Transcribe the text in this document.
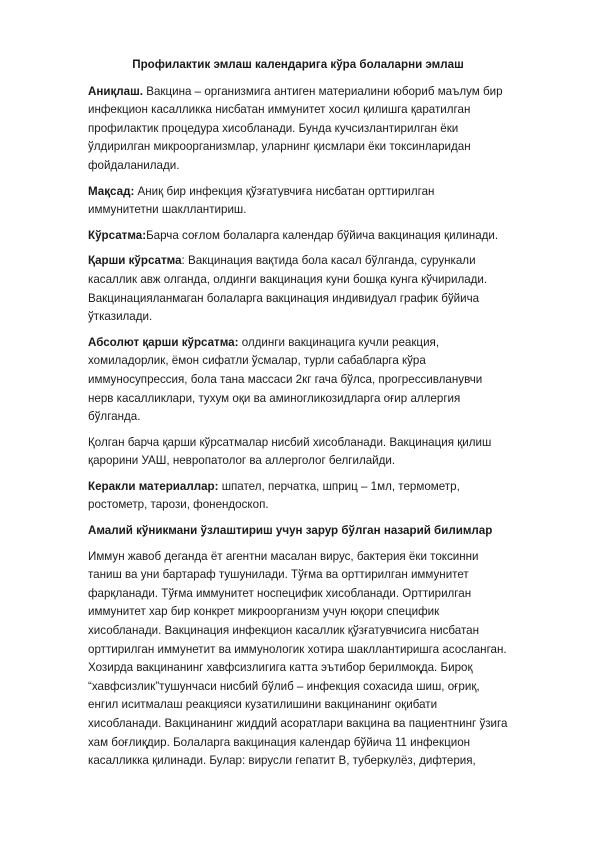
Профилактик эмлаш календарига кўра болаларни эмлаш

Аниқлаш. Вакцина – организмига антиген материалини юбориб маълум бир инфекцион касалликка нисбатан иммунитет хосил қилишга қаратилган профилактик процедура хисобланади. Бунда кучсизлантирилган ёки ўлдирилган микроорганизмлар, уларнинг қисмлари ёки токсинларидан фойдаланилади.

Мақсад: Аниқ бир инфекция қўзғатувчиға нисбатан орттирилган иммунитетни шакллантириш.

Кўрсатма:Барча соғлом болаларга календар бўйича вакцинация қилинади.

Қарши кўрсатма: Вакцинация вақтида бола касал бўлганда, сурункали касаллик авж олганда, олдинги вакцинация куни бошқа кунга кўчирилади. Вакцинацияланмаган болаларга вакцинация индивидуал график бўйича ўтказилади.

Абсолют қарши кўрсатма: олдинги вакцинацига кучли реакция, хомиладорлик, ёмон сифатли ўсмалар, турли сабабларга кўра иммуносупрессия, бола тана массаси 2кг гача бўлса, прогрессивланувчи нерв касалликлари, тухум оқи ва аминогликозидларга оғир аллергия бўлганда.

Қолган барча қарши кўрсатмалар нисбий хисобланади. Вакцинация қилиш қарорини УАШ, невропатолог ва аллерголог белгилайди.

Керакли материаллар: шпател, перчатка, шприц – 1мл, термометр, ростометр, тарози, фонендоскоп.

Амалий кўникмани ўзлаштириш учун зарур бўлган назарий билимлар

Иммун жавоб деганда ёт агентни масалан вирус, бактерия ёки токсинни таниш ва уни бартараф тушунилади. Тўғма ва орттирилган иммунитет фарқланади. Тўғма иммунитет носпецифик хисобланади. Орттирилган иммунитет хар бир конкрет микроорганизм учун юқори специфик хисобланади. Вакцинация инфекцион касаллик қўзғатувчисига нисбатан орттирилган иммунетит ва иммунологик хотира шакллантиришга асосланган. Хозирда вакцинанинг хавфсизлигига катта эътибор берилмоқда. Бироқ “хавфсизлик”тушунчаси нисбий бўлиб – инфекция сохасида шиш, оғриқ, енгил иситмалаш реакцияси кузатилишини вакцинанинг оқибати хисобланади. Вакцинанинг жиддий асоратлари вакцина ва пациентнинг ўзига хам боғлиқдир. Болаларга вакцинация календар бўйича 11 инфекцион касалликка қилинади. Булар: вирусли гепатит В, туберкулёз, дифтерия,
